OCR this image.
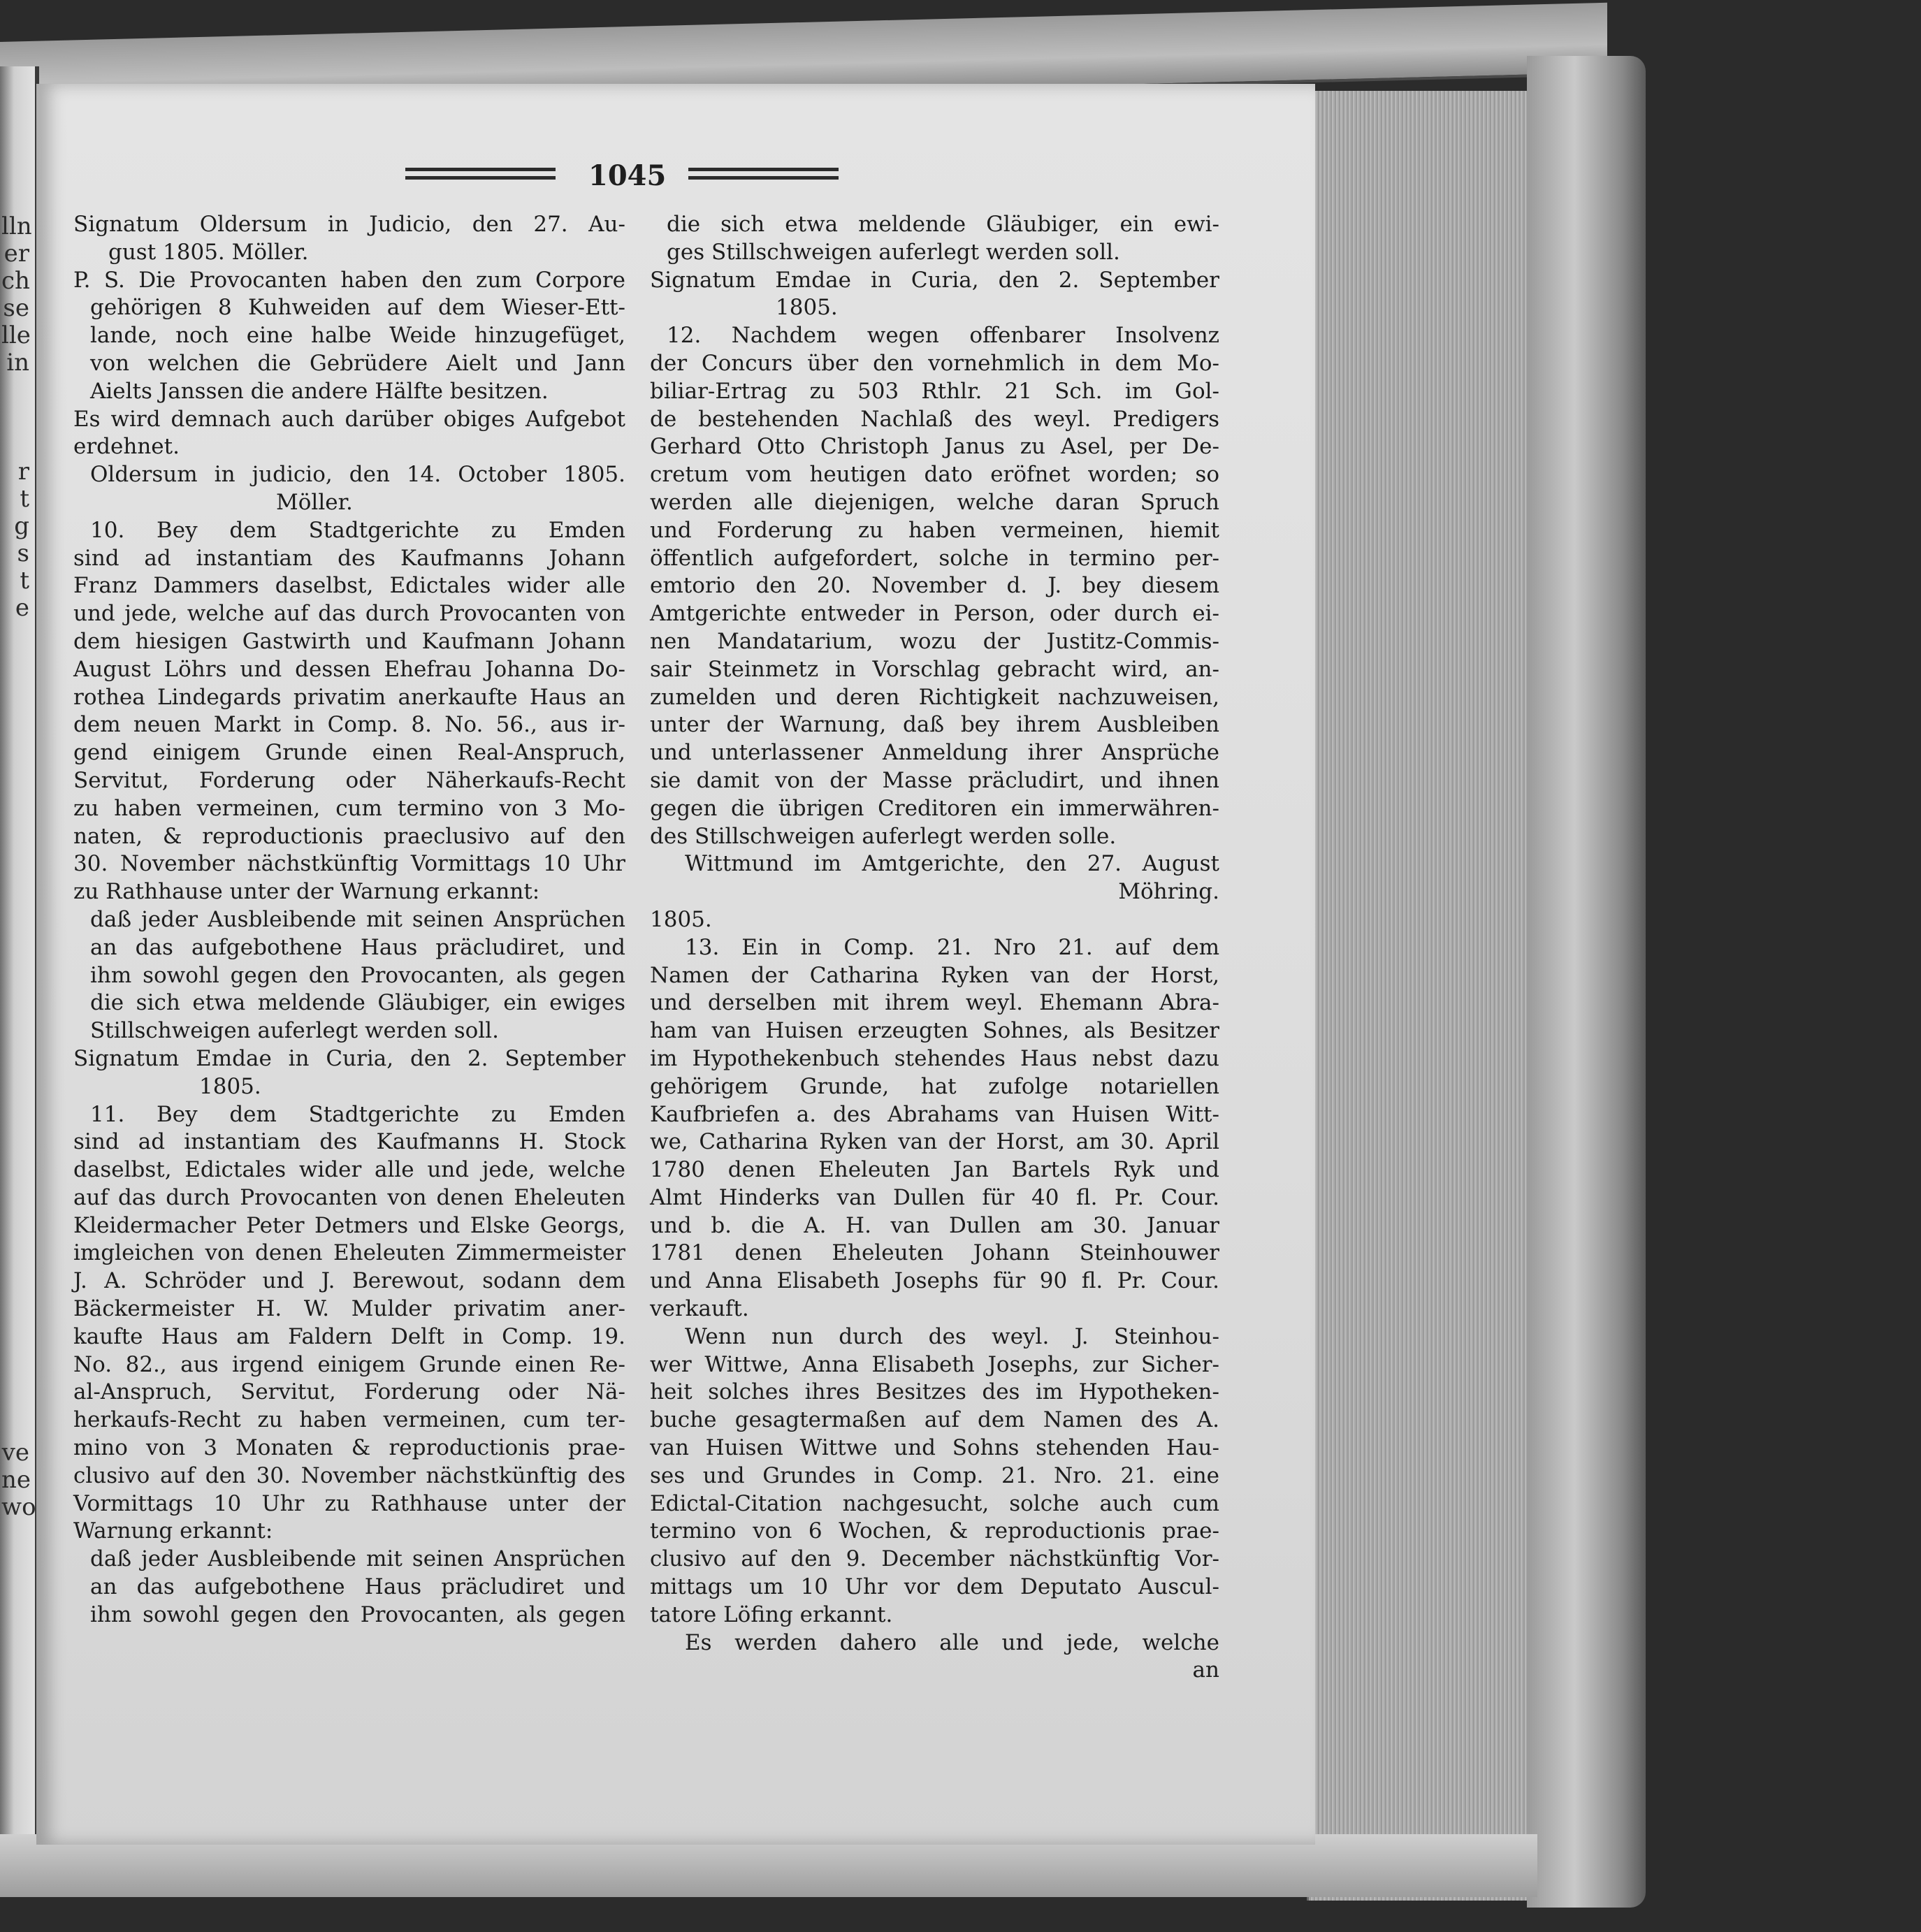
lln
er
ch
se
lle
in
r
t
g
s
t
e
ve
ne
wo
1045
Signatum Oldersum in Judicio, den 27. Au-
gust 1805. Möller.
P. S. Die Provocanten haben den zum Corpore
gehörigen 8 Kuhweiden auf dem Wieser-Ett-
lande, noch eine halbe Weide hinzugefüget,
von welchen die Gebrüdere Aielt und Jann
Aielts Janssen die andere Hälfte besitzen.
Es wird demnach auch darüber obiges Aufgebot
erdehnet.
Oldersum in judicio, den 14. October 1805.
Möller.
10. Bey dem Stadtgerichte zu Emden
sind ad instantiam des Kaufmanns Johann
Franz Dammers daselbst, Edictales wider alle
und jede, welche auf das durch Provocanten von
dem hiesigen Gastwirth und Kaufmann Johann
August Löhrs und dessen Ehefrau Johanna Do-
rothea Lindegards privatim anerkaufte Haus an
dem neuen Markt in Comp. 8. No. 56., aus ir-
gend einigem Grunde einen Real-Anspruch,
Servitut, Forderung oder Näherkaufs-Recht
zu haben vermeinen, cum termino von 3 Mo-
naten, & reproductionis praeclusivo auf den
30. November nächstkünftig Vormittags 10 Uhr
zu Rathhause unter der Warnung erkannt:
daß jeder Ausbleibende mit seinen Ansprüchen
an das aufgebothene Haus präcludiret, und
ihm sowohl gegen den Provocanten, als gegen
die sich etwa meldende Gläubiger, ein ewiges
Stillschweigen auferlegt werden soll.
Signatum Emdae in Curia, den 2. September
1805.
11. Bey dem Stadtgerichte zu Emden
sind ad instantiam des Kaufmanns H. Stock
daselbst, Edictales wider alle und jede, welche
auf das durch Provocanten von denen Eheleuten
Kleidermacher Peter Detmers und Elske Georgs,
imgleichen von denen Eheleuten Zimmermeister
J. A. Schröder und J. Berewout, sodann dem
Bäckermeister H. W. Mulder privatim aner-
kaufte Haus am Faldern Delft in Comp. 19.
No. 82., aus irgend einigem Grunde einen Re-
al-Anspruch, Servitut, Forderung oder Nä-
herkaufs-Recht zu haben vermeinen, cum ter-
mino von 3 Monaten & reproductionis prae-
clusivo auf den 30. November nächstkünftig des
Vormittags 10 Uhr zu Rathhause unter der
Warnung erkannt:
daß jeder Ausbleibende mit seinen Ansprüchen
an das aufgebothene Haus präcludiret und
ihm sowohl gegen den Provocanten, als gegen
die sich etwa meldende Gläubiger, ein ewi-
ges Stillschweigen auferlegt werden soll.
Signatum Emdae in Curia, den 2. September
1805.
12. Nachdem wegen offenbarer Insolvenz
der Concurs über den vornehmlich in dem Mo-
biliar-Ertrag zu 503 Rthlr. 21 Sch. im Gol-
de bestehenden Nachlaß des weyl. Predigers
Gerhard Otto Christoph Janus zu Asel, per De-
cretum vom heutigen dato eröfnet worden; so
werden alle diejenigen, welche daran Spruch
und Forderung zu haben vermeinen, hiemit
öffentlich aufgefordert, solche in termino per-
emtorio den 20. November d. J. bey diesem
Amtgerichte entweder in Person, oder durch ei-
nen Mandatarium, wozu der Justitz-Commis-
sair Steinmetz in Vorschlag gebracht wird, an-
zumelden und deren Richtigkeit nachzuweisen,
unter der Warnung, daß bey ihrem Ausbleiben
und unterlassener Anmeldung ihrer Ansprüche
sie damit von der Masse präcludirt, und ihnen
gegen die übrigen Creditoren ein immerwähren-
des Stillschweigen auferlegt werden solle.
Wittmund im Amtgerichte, den 27. August
Möhring.
1805.
13. Ein in Comp. 21. Nro 21. auf dem
Namen der Catharina Ryken van der Horst,
und derselben mit ihrem weyl. Ehemann Abra-
ham van Huisen erzeugten Sohnes, als Besitzer
im Hypothekenbuch stehendes Haus nebst dazu
gehörigem Grunde, hat zufolge notariellen
Kaufbriefen a. des Abrahams van Huisen Witt-
we, Catharina Ryken van der Horst, am 30. April
1780 denen Eheleuten Jan Bartels Ryk und
Almt Hinderks van Dullen für 40 fl. Pr. Cour.
und b. die A. H. van Dullen am 30. Januar
1781 denen Eheleuten Johann Steinhouwer
und Anna Elisabeth Josephs für 90 fl. Pr. Cour.
verkauft.
Wenn nun durch des weyl. J. Steinhou-
wer Wittwe, Anna Elisabeth Josephs, zur Sicher-
heit solches ihres Besitzes des im Hypotheken-
buche gesagtermaßen auf dem Namen des A.
van Huisen Wittwe und Sohns stehenden Hau-
ses und Grundes in Comp. 21. Nro. 21. eine
Edictal-Citation nachgesucht, solche auch cum
termino von 6 Wochen, & reproductionis prae-
clusivo auf den 9. December nächstkünftig Vor-
mittags um 10 Uhr vor dem Deputato Auscul-
tatore Löfing erkannt.
Es werden dahero alle und jede, welche
an
